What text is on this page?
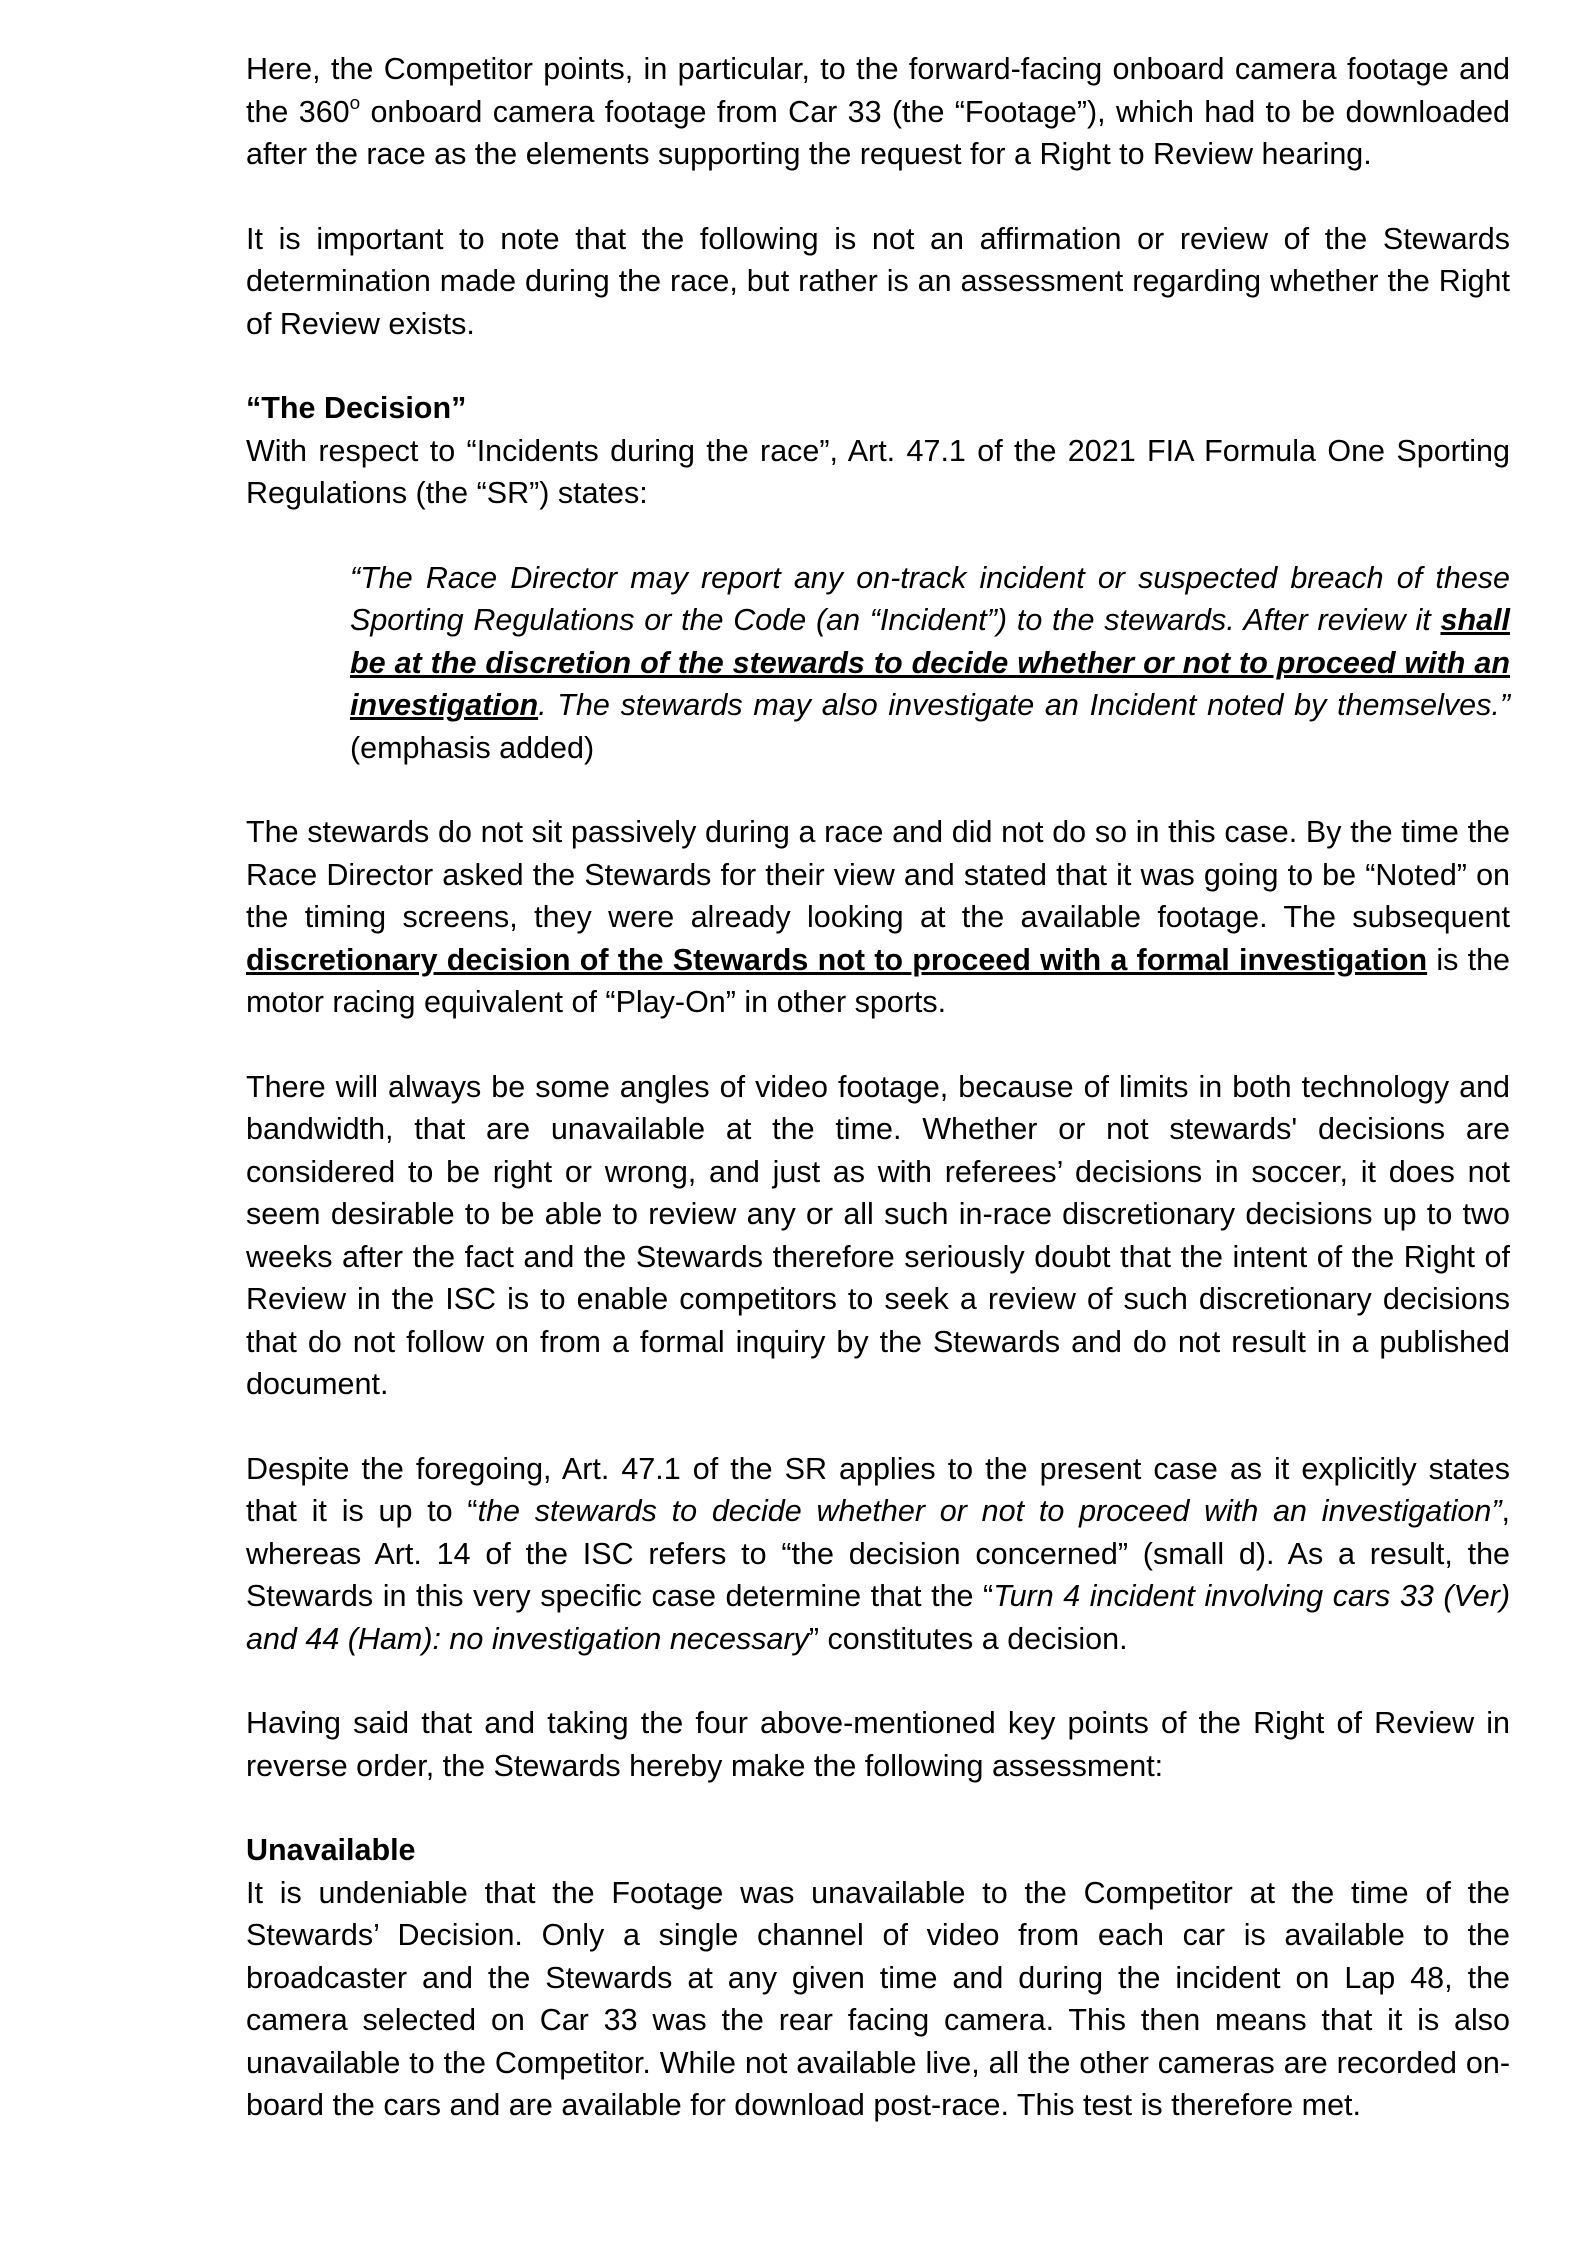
Here, the Competitor points, in particular, to the forward-facing onboard camera footage and the 360$^o$ onboard camera footage from Car 33 (the “Footage”), which had to be downloaded after the race as the elements supporting the request for a Right to Review hearing.

It is important to note that the following is not an affirmation or review of the Stewards determination made during the race, but rather is an assessment regarding whether the Right of Review exists.

“The Decision”

With respect to “Incidents during the race”, Art. 47.1 of the 2021 FIA Formula One Sporting Regulations (the “SR”) states:

“The Race Director may report any on-track incident or suspected breach of these Sporting Regulations or the Code (an “Incident”) to the stewards. After review it shall be at the discretion of the stewards to decide whether or not to proceed with an investigation. The stewards may also investigate an Incident noted by themselves.” (emphasis added)

The stewards do not sit passively during a race and did not do so in this case. By the time the Race Director asked the Stewards for their view and stated that it was going to be “Noted” on the timing screens, they were already looking at the available footage. The subsequent discretionary decision of the Stewards not to proceed with a formal investigation is the motor racing equivalent of “Play-On” in other sports.

There will always be some angles of video footage, because of limits in both technology and bandwidth, that are unavailable at the time. Whether or not stewards' decisions are considered to be right or wrong, and just as with referees’ decisions in soccer, it does not seem desirable to be able to review any or all such in-race discretionary decisions up to two weeks after the fact and the Stewards therefore seriously doubt that the intent of the Right of Review in the ISC is to enable competitors to seek a review of such discretionary decisions that do not follow on from a formal inquiry by the Stewards and do not result in a published document.

Despite the foregoing, Art. 47.1 of the SR applies to the present case as it explicitly states that it is up to “the stewards to decide whether or not to proceed with an investigation”, whereas Art. 14 of the ISC refers to “the decision concerned” (small d). As a result, the Stewards in this very specific case determine that the “Turn 4 incident involving cars 33 (Ver) and 44 (Ham): no investigation necessary” constitutes a decision.

Having said that and taking the four above-mentioned key points of the Right of Review in reverse order, the Stewards hereby make the following assessment:

Unavailable

It is undeniable that the Footage was unavailable to the Competitor at the time of the Stewards’ Decision. Only a single channel of video from each car is available to the broadcaster and the Stewards at any given time and during the incident on Lap 48, the camera selected on Car 33 was the rear facing camera. This then means that it is also unavailable to the Competitor. While not available live, all the other cameras are recorded on-board the cars and are available for download post-race. This test is therefore met.
